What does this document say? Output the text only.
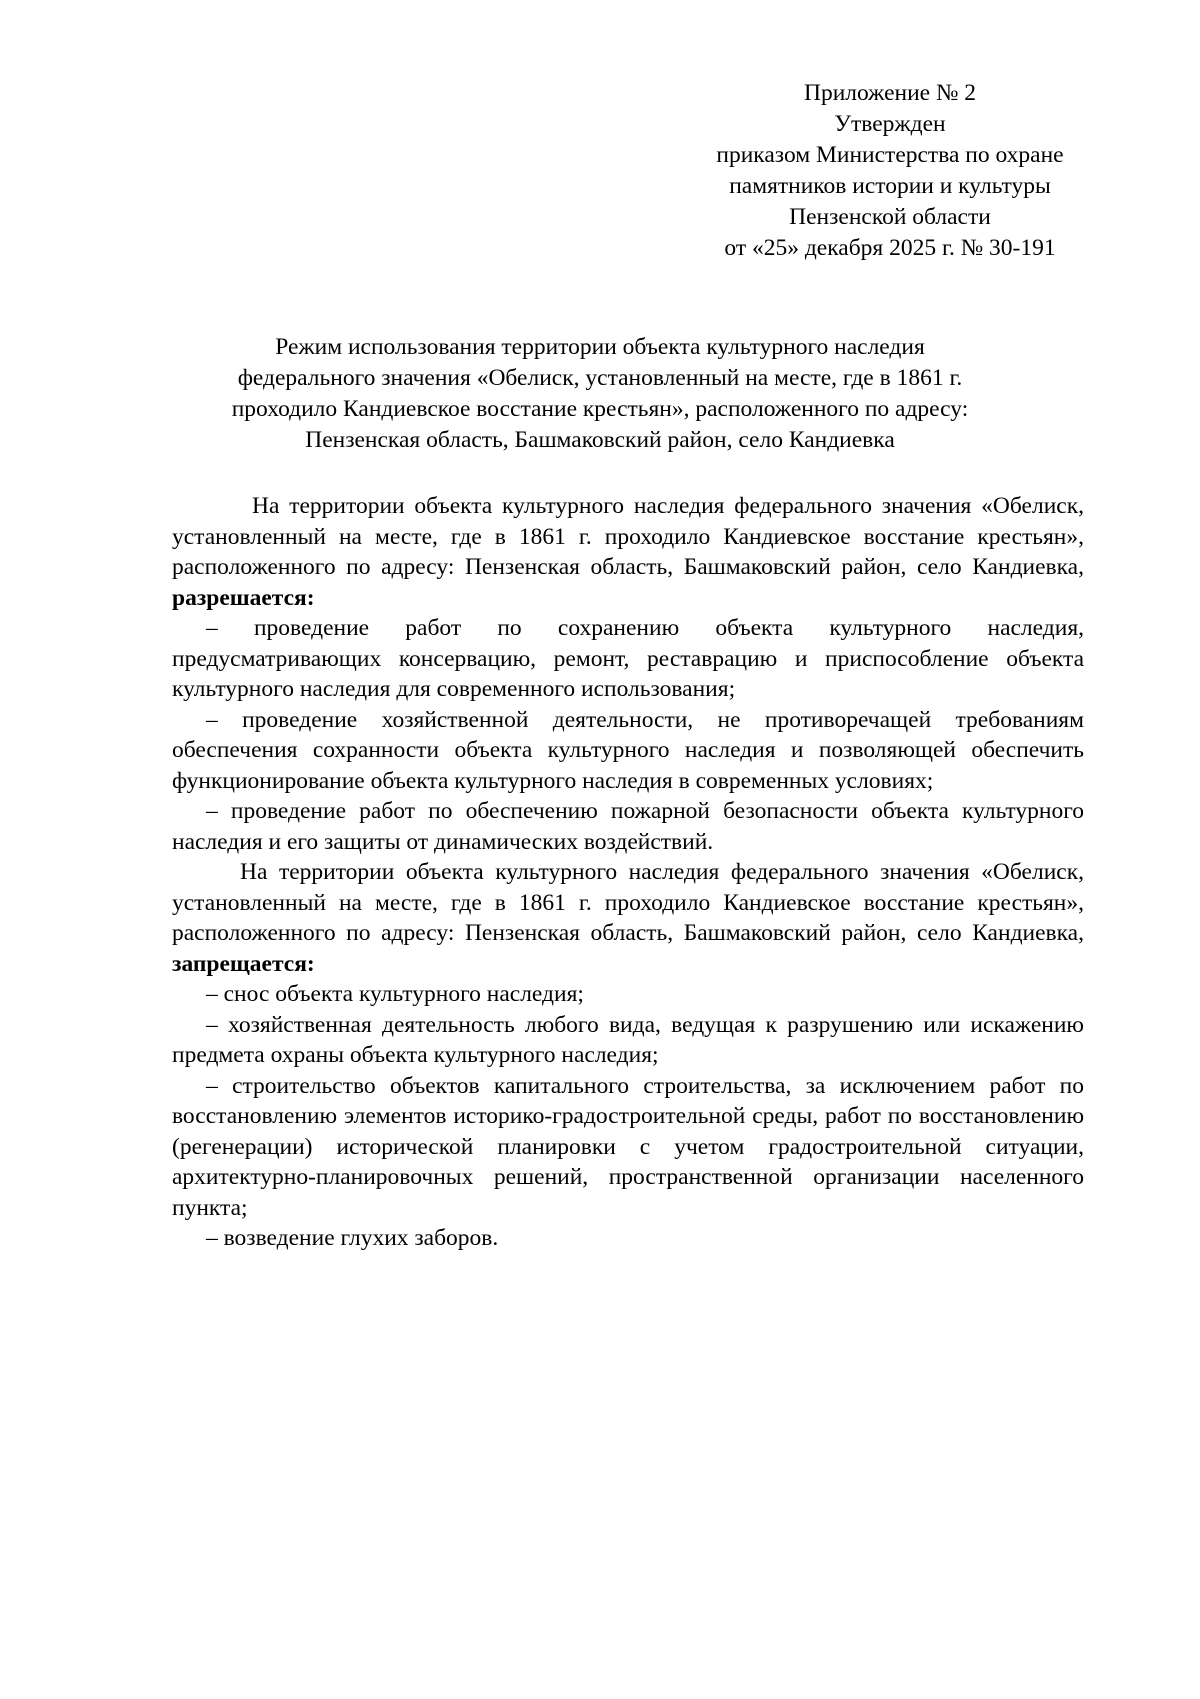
Приложение № 2
Утвержден
приказом Министерства по охране
памятников истории и культуры
Пензенской области
от «25» декабря 2025 г. № 30-191
Режим использования территории объекта культурного наследия
федерального значения «Обелиск, установленный на месте, где в 1861 г.
проходило Кандиевское восстание крестьян», расположенного по адресу:
Пензенская область, Башмаковский район, село Кандиевка

На территории объекта культурного наследия федерального значения «Обелиск, установленный на месте, где в 1861 г. проходило Кандиевское восстание крестьян», расположенного по адресу: Пензенская область, Башмаковский район, село Кандиевка, разрешается:

– проведение работ по сохранению объекта культурного наследия, предусматривающих консервацию, ремонт, реставрацию и приспособление объекта культурного наследия для современного использования;

– проведение хозяйственной деятельности, не противоречащей требованиям обеспечения сохранности объекта культурного наследия и позволяющей обеспечить функционирование объекта культурного наследия в современных условиях;

– проведение работ по обеспечению пожарной безопасности объекта культурного наследия и его защиты от динамических воздействий.

На территории объекта культурного наследия федерального значения «Обелиск, установленный на месте, где в 1861 г. проходило Кандиевское восстание крестьян», расположенного по адресу: Пензенская область, Башмаковский район, село Кандиевка, запрещается:

– снос объекта культурного наследия;

– хозяйственная деятельность любого вида, ведущая к разрушению или искажению предмета охраны объекта культурного наследия;

– строительство объектов капитального строительства, за исключением работ по восстановлению элементов историко-градостроительной среды, работ по восстановлению (регенерации) исторической планировки с учетом градостроительной ситуации, архитектурно-планировочных решений, пространственной организации населенного пункта;

– возведение глухих заборов.
